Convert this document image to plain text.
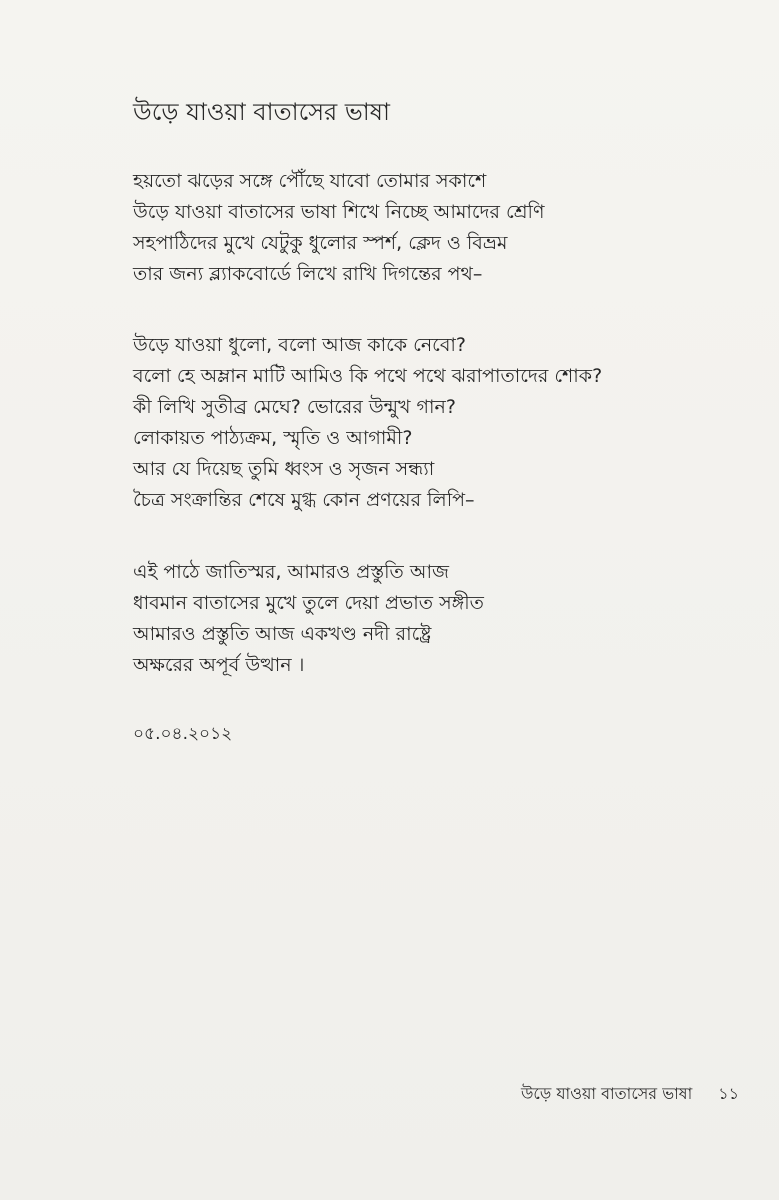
উড়ে যাওয়া বাতাসের ভাষা
হয়তো ঝড়ের সঙ্গে পৌঁছে যাবো তোমার সকাশে
উড়ে যাওয়া বাতাসের ভাষা শিখে নিচ্ছে আমাদের শ্রেণি
সহপাঠিদের মুখে যেটুকু ধুলোর স্পর্শ, ক্লেদ ও বিভ্রম
তার জন্য ব্ল্যাকবোর্ডে লিখে রাখি দিগন্তের পথ–
উড়ে যাওয়া ধুলো, বলো আজ কাকে নেবো?
বলো হে অম্লান মাটি আমিও কি পথে পথে ঝরাপাতাদের শোক?
কী লিখি সুতীব্র মেঘে? ভোরের উন্মুখ গান?
লোকায়ত পাঠ্যক্রম, স্মৃতি ও আগামী?
আর যে দিয়েছ তুমি ধ্বংস ও সৃজন সন্ধ্যা
চৈত্র সংক্রান্তির শেষে মুগ্ধ কোন প্রণয়ের লিপি–
এই পাঠে জাতিস্মর, আমারও প্রস্তুতি আজ
ধাবমান বাতাসের মুখে তুলে দেয়া প্রভাত সঙ্গীত
আমারও প্রস্তুতি আজ একখণ্ড নদী রাষ্ট্রে
অক্ষরের অপূর্ব উত্থান ।
০৫.০৪.২০১২
উড়ে যাওয়া বাতাসের ভাষা ১১
